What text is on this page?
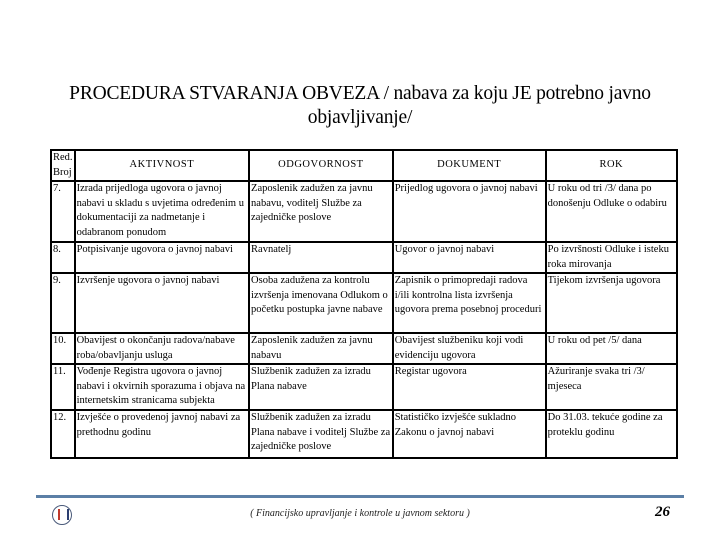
PROCEDURA STVARANJA OBVEZA / nabava za koju JE potrebno javno objavljivanje/
Red. Broj	AKTIVNOST	ODGOVORNOST	DOKUMENT	ROK
7.	Izrada prijedloga ugovora o javnoj nabavi u skladu s uvjetima određenim u dokumentaciji za nadmetanje i odabranom ponudom	Zaposlenik zadužen za javnu nabavu, voditelj Službe za zajedničke poslove	Prijedlog ugovora o javnoj nabavi	U roku od tri /3/ dana po donošenju Odluke o odabiru
8.	Potpisivanje ugovora o javnoj nabavi	Ravnatelj	Ugovor o javnoj nabavi	Po izvršnosti Odluke i isteku roka mirovanja
9.	Izvršenje ugovora o javnoj nabavi	Osoba zadužena za kontrolu izvršenja imenovana Odlukom o početku postupka javne nabave	Zapisnik o primopredaji radova i/ili kontrolna lista izvršenja ugovora prema posebnoj proceduri	Tijekom izvršenja ugovora
10.	Obavijest o okončanju radova/nabave roba/obavljanju usluga	Zaposlenik zadužen za javnu nabavu	Obavijest službeniku koji vodi evidenciju ugovora	U roku od pet /5/ dana
11.	Vođenje Registra ugovora o javnoj nabavi i okvirnih sporazuma i objava na internetskim stranicama subjekta	Službenik zadužen za izradu Plana nabave	Registar ugovora	Ažuriranje svaka tri /3/ mjeseca
12.	Izvješće o provedenoj javnoj nabavi za prethodnu godinu	Službenik zadužen za izradu Plana nabave i voditelj Službe za zajedničke poslove	Statističko izvješće sukladno Zakonu o javnoj nabavi	Do 31.03. tekuće godine za proteklu godinu
( Financijsko upravljanje i kontrole u javnom sektoru )	26
